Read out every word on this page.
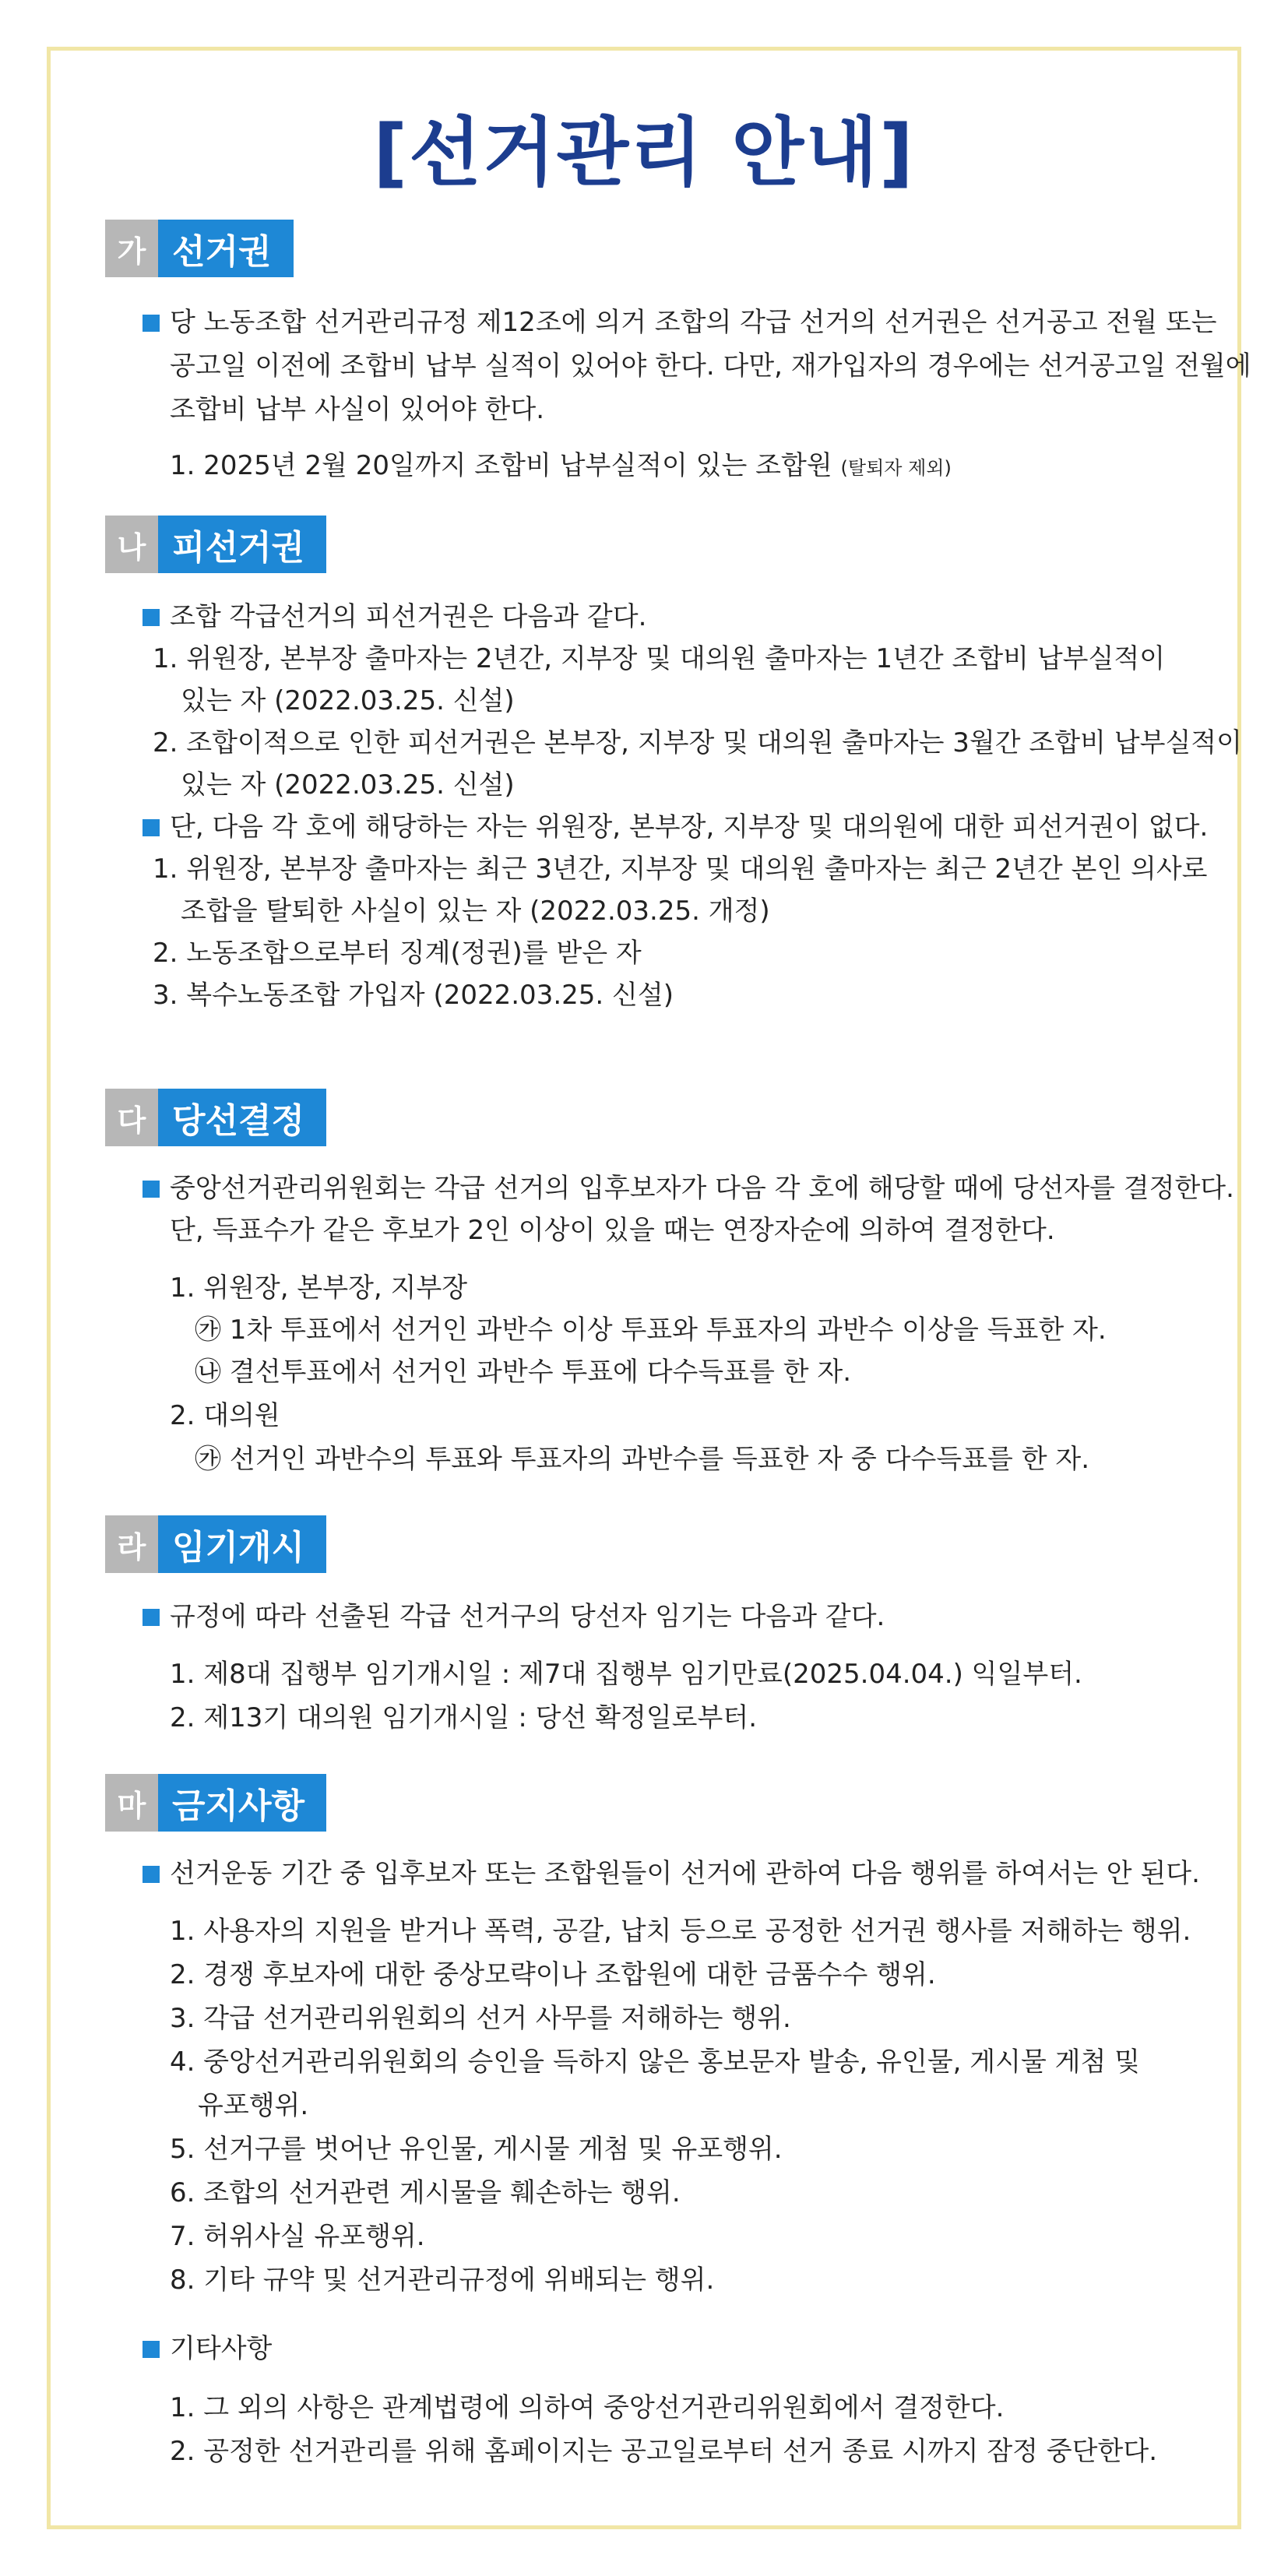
[선거관리 안내]
가 선거권
당 노동조합 선거관리규정 제12조에 의거 조합의 각급 선거의 선거권은 선거공고 전월 또는
공고일 이전에 조합비 납부 실적이 있어야 한다. 다만, 재가입자의 경우에는 선거공고일 전월에
조합비 납부 사실이 있어야 한다.
1. 2025년 2월 20일까지 조합비 납부실적이 있는 조합원 (탈퇴자 제외)
나 피선거권
조합 각급선거의 피선거권은 다음과 같다.
1. 위원장, 본부장 출마자는 2년간, 지부장 및 대의원 출마자는 1년간 조합비 납부실적이
있는 자 (2022.03.25. 신설)
2. 조합이적으로 인한 피선거권은 본부장, 지부장 및 대의원 출마자는 3월간 조합비 납부실적이
있는 자 (2022.03.25. 신설)
단, 다음 각 호에 해당하는 자는 위원장, 본부장, 지부장 및 대의원에 대한 피선거권이 없다.
1. 위원장, 본부장 출마자는 최근 3년간, 지부장 및 대의원 출마자는 최근 2년간 본인 의사로
조합을 탈퇴한 사실이 있는 자 (2022.03.25. 개정)
2. 노동조합으로부터 징계(정권)를 받은 자
3. 복수노동조합 가입자 (2022.03.25. 신설)
다 당선결정
중앙선거관리위원회는 각급 선거의 입후보자가 다음 각 호에 해당할 때에 당선자를 결정한다.
단, 득표수가 같은 후보가 2인 이상이 있을 때는 연장자순에 의하여 결정한다.
1. 위원장, 본부장, 지부장
㉮ 1차 투표에서 선거인 과반수 이상 투표와 투표자의 과반수 이상을 득표한 자.
㉯ 결선투표에서 선거인 과반수 투표에 다수득표를 한 자.
2. 대의원
㉮ 선거인 과반수의 투표와 투표자의 과반수를 득표한 자 중 다수득표를 한 자.
라 임기개시
규정에 따라 선출된 각급 선거구의 당선자 임기는 다음과 같다.
1. 제8대 집행부 임기개시일 : 제7대 집행부 임기만료(2025.04.04.) 익일부터.
2. 제13기 대의원 임기개시일 : 당선 확정일로부터.
마 금지사항
선거운동 기간 중 입후보자 또는 조합원들이 선거에 관하여 다음 행위를 하여서는 안 된다.
1. 사용자의 지원을 받거나 폭력, 공갈, 납치 등으로 공정한 선거권 행사를 저해하는 행위.
2. 경쟁 후보자에 대한 중상모략이나 조합원에 대한 금품수수 행위.
3. 각급 선거관리위원회의 선거 사무를 저해하는 행위.
4. 중앙선거관리위원회의 승인을 득하지 않은 홍보문자 발송, 유인물, 게시물 게첨 및
유포행위.
5. 선거구를 벗어난 유인물, 게시물 게첨 및 유포행위.
6. 조합의 선거관련 게시물을 훼손하는 행위.
7. 허위사실 유포행위.
8. 기타 규약 및 선거관리규정에 위배되는 행위.
기타사항
1. 그 외의 사항은 관계법령에 의하여 중앙선거관리위원회에서 결정한다.
2. 공정한 선거관리를 위해 홈페이지는 공고일로부터 선거 종료 시까지 잠정 중단한다.
